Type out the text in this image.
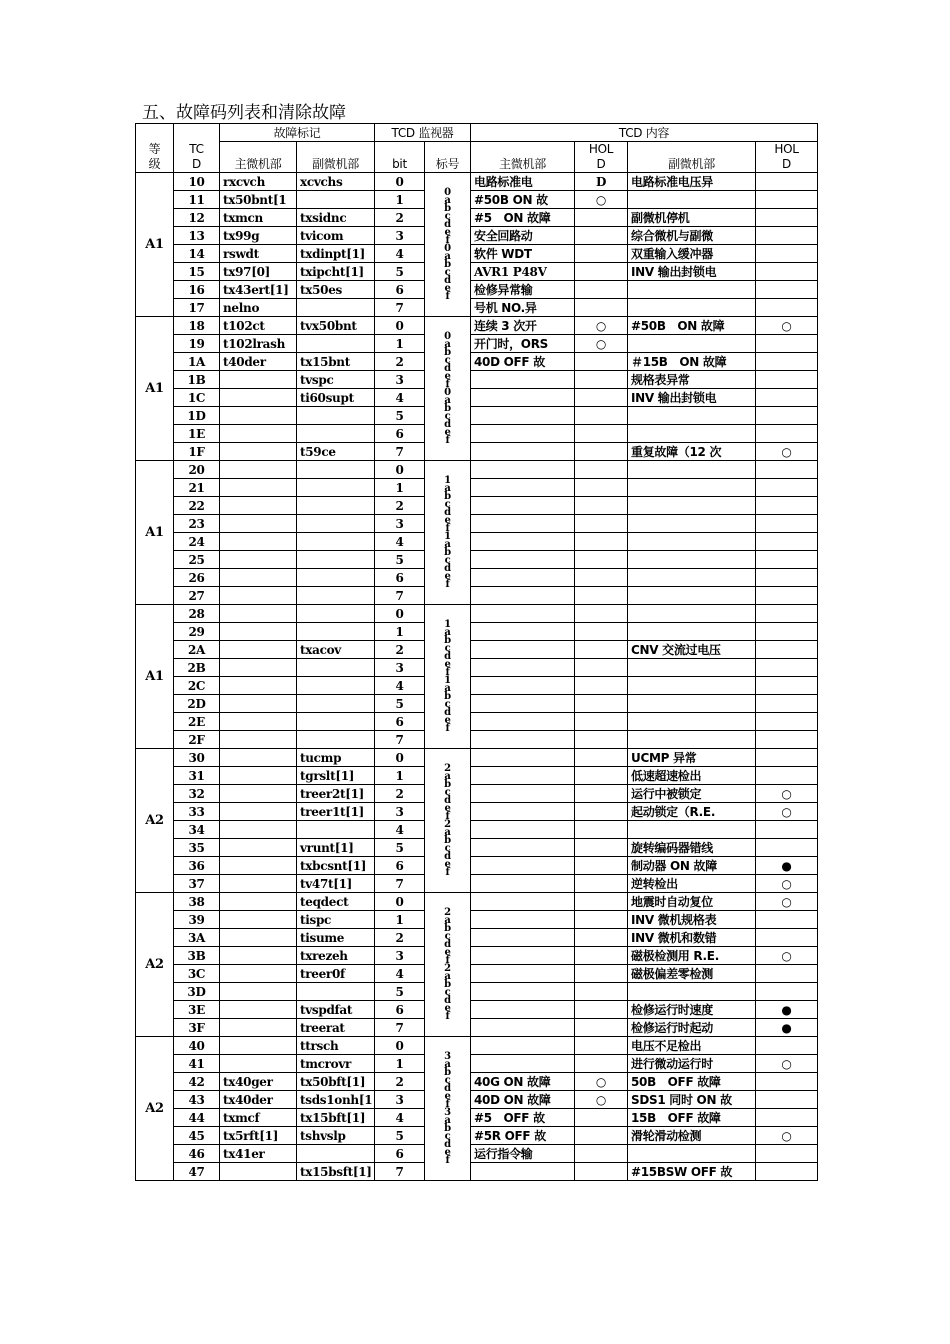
五、故障码列表和清除故障
等
级	TC
D	故障标记		TCD 监视器		TCD 内容			
		主微机部	副微机部	bit	标号	主微机部	HOL
D	副微机部	HOL
D
A1	10	rxcvch	xcvchs	0	0abcdef0abcdef	电路标准电	D	电路标准电压异	
	11	tx50bnt[1		1		#50B ON 故	○		
	12	txmcn	txsidnc	2		#5　ON 故障		副微机停机	
	13	tx99g	tvicom	3		安全回路动		综合微机与副微	
	14	rswdt	txdinpt[1]	4		软件 WDT		双重输入缓冲器	
	15	tx97[0]	txipcht[1]	5		AVR1 P48V		INV 输出封锁电	
	16	tx43ert[1]	tx50es	6		检修异常输			
	17	nelno		7		号机 NO.异			
A1	18	t102ct	tvx50bnt	0	0abcdef0abcdef	连续 3 次开	○	#50B　ON 故障	○
	19	t102lrash		1		开门时，ORS	○		
	1A	t40der	tx15bnt	2		40D OFF 故		＃15B　ON 故障	
	1B		tvspc	3				规格表异常	
	1C		ti60supt	4				INV 输出封锁电	
	1D			5					
	1E			6					
	1F		t59ce	7				重复故障（12 次	○
A1	20			0	1abcdef1abcdef				
	21			1					
	22			2					
	23			3					
	24			4					
	25			5					
	26			6					
	27			7					
A1	28			0	1abcdef1abcdef				
	29			1					
	2A		txacov	2				CNV 交流过电压	
	2B			3					
	2C			4					
	2D			5					
	2E			6					
	2F			7					
A2	30		tucmp	0	2abcdef2abcdef			UCMP 异常	
	31		tgrslt[1]	1				低速超速检出	
	32		treer2t[1]	2				运行中被锁定	○
	33		treer1t[1]	3				起动锁定（R.E.	○
	34			4					
	35		vrunt[1]	5				旋转编码器错线	
	36		txbcsnt[1]	6				制动器 ON 故障	●
	37		tv47t[1]	7				逆转检出	○
A2	38		teqdect	0	2abcdef2abcdef			地震时自动复位	○
	39		tispc	1				INV 微机规格表	
	3A		tisume	2				INV 微机和数错	
	3B		txrezeh	3				磁极检测用 R.E.	○
	3C		treer0f	4				磁极偏差零检测	
	3D			5					
	3E		tvspdfat	6				检修运行时速度	●
	3F		treerat	7				检修运行时起动	●
A2	40		ttrsch	0	3abcdef3abcdef			电压不足检出	
	41		tmcrovr	1				进行微动运行时	○
	42	tx40ger	tx50bft[1]	2		40G ON 故障	○	50B　OFF 故障	
	43	tx40der	tsds1onh[1	3		40D ON 故障	○	SDS1 同时 ON 故	
	44	txmcf	tx15bft[1]	4		#5　OFF 故		15B　OFF 故障	
	45	tx5rft[1]	tshvslp	5		#5R OFF 故		滑轮滑动检测	○
	46	tx41er		6		运行指令输			
	47		tx15bsft[1]	7				#15BSW OFF 故	
